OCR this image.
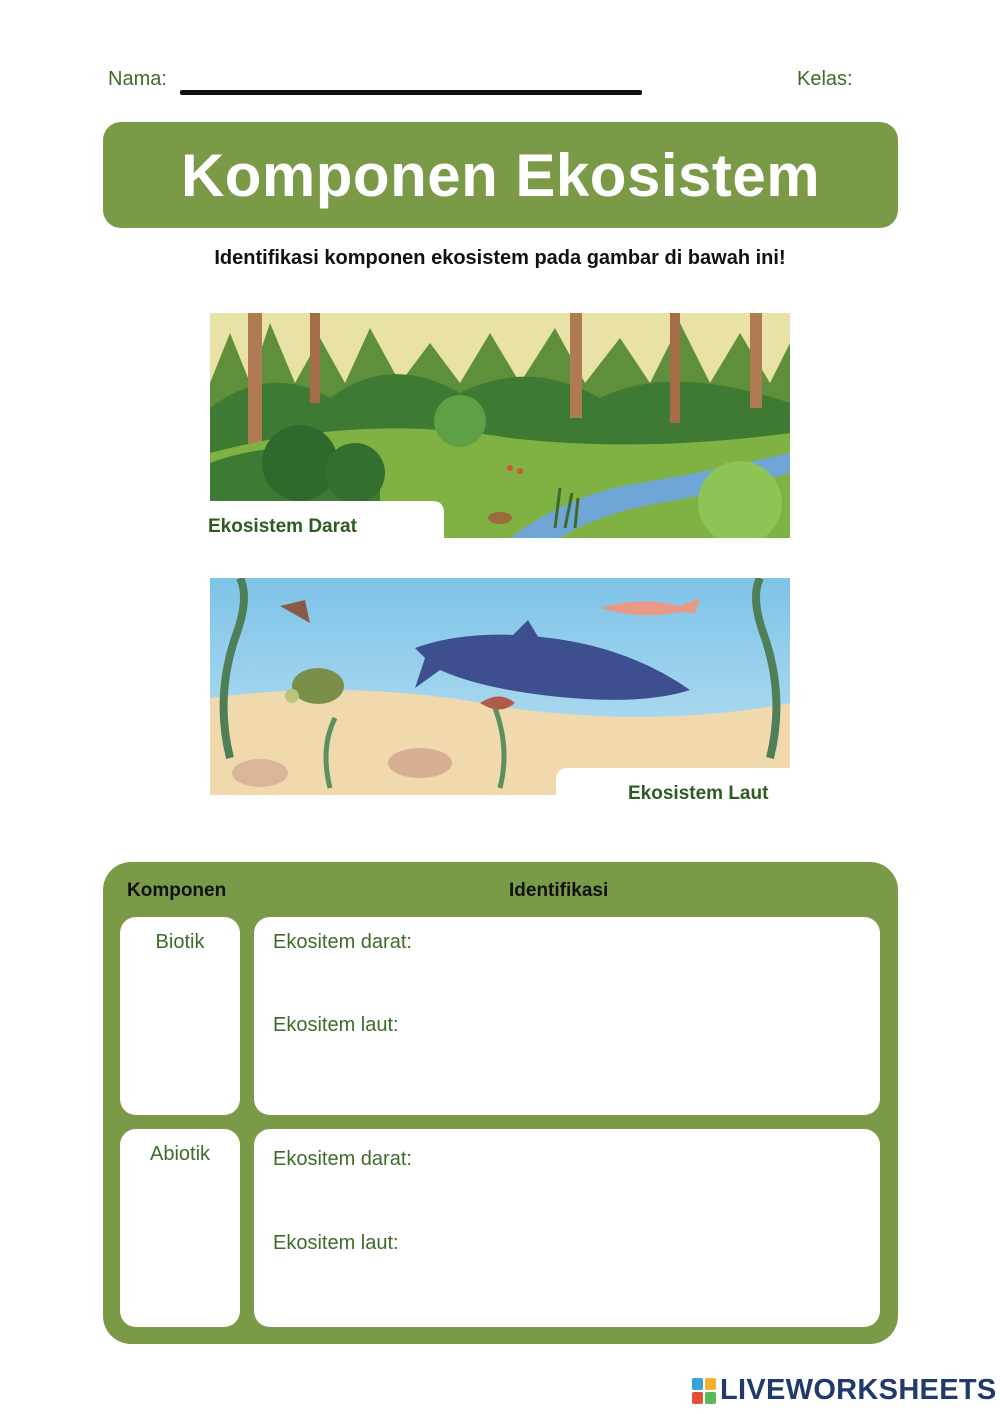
Nama:	Kelas:
Komponen Ekosistem
Identifikasi komponen ekosistem pada gambar di bawah ini!
Ekosistem Darat
Ekosistem Laut
Komponen	Identifikasi
Biotik	Ekositem darat:
Ekositem laut:
Abiotik	Ekositem darat:
Ekositem laut:
LIVEWORKSHEETS
